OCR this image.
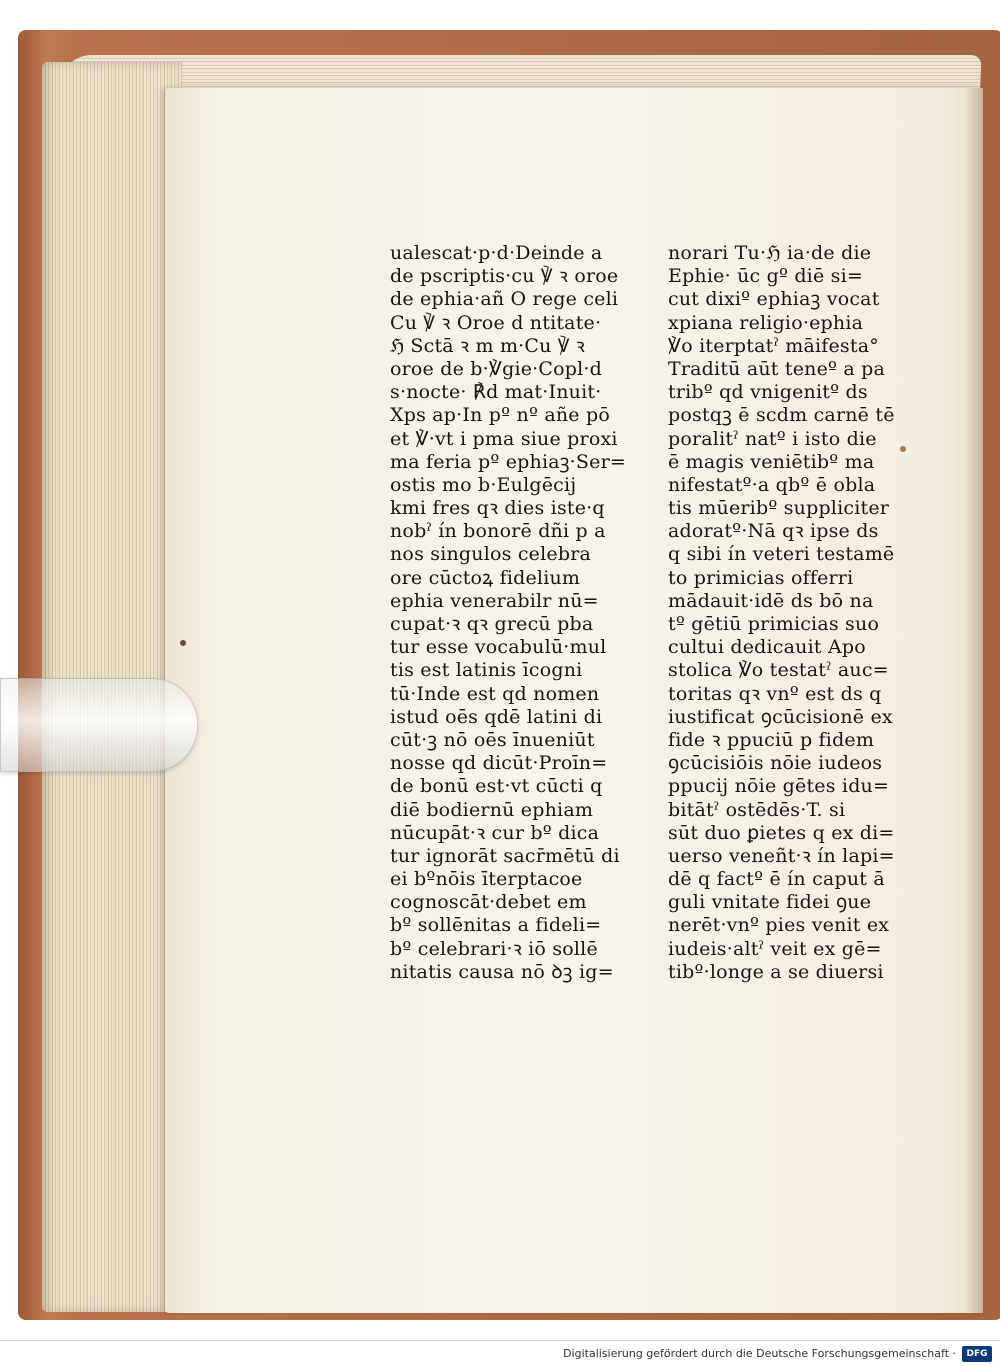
ualescat·p·d·Deinde a
de pscriptis·cu ℣ ꝛ oroe
de ephia·añ O rege celi
Cu ℣ ꝛ Oroe d ntitate·
ℌ Sctā ꝛ m m·Cu ℣ ꝛ
oroe de b·℣gie·Copl·d
s·nocte· ℟d mat·Inuit·
Xps ap·In pº nº añe pō
et ℣·vt i pma siue proxi
ma feria pº ephiaꝫ·Ser=
ostis mo b·Eulgēcij
kmi fres qꝛ dies iste·q
nobˀ ín bonorē dñi p a
nos singulos celebra
ore cūctoꝝ fidelium
ephia venerabilr nū=
cupat·ꝛ qꝛ grecū pba
tur esse vocabulū·mul
tis est latinis īcogni
tū·Inde est qd nomen
istud oēs qdē latini di
cūt·ꝫ nō oēs īnueniūt
nosse qd dicūt·Proīn=
de bonū est·vt cūcti q
diē bodiernū ephiam
nūcupāt·ꝛ cur bº dica
tur ignorāt sacr̄mētū di
ei bºnōis īterptacoe
cognoscāt·debet em
bº sollēnitas a fideli=
bº celebrari·ꝛ iō sollē
nitatis causa nō ꝺꝫ ig=
norari Tu·ℌ ia·de die
Ephie· ūc gº diē si=
cut dixiº ephiaꝫ vocat
xpiana religio·ephia
℣o iterptatˀ māifesta°
Traditū aūt teneº a pa
tribº qd vnigenitº ds
postqꝫ ē scdm carnē tē
poralitˀ natº i isto die
ē magis veniētibº ma
nifestatº·a qbº ē obla
tis mūeribº suppliciter
adoratº·Nā qꝛ ipse ds
q sibi ín veteri testamē
to primicias offerri
mādauit·idē ds bō na
tº gētiū primicias suo
cultui dedicauit Apo
stolica ℣o testatˀ auc=
toritas qꝛ vnº est ds q
iustificat ꝯcūcisionē ex
fide ꝛ ppuciū p fidem
ꝯcūcisiōis nōie iudeos
ppucij nōie gētes idu=
bitātˀ ostēdēs·T. si
sūt duo ꝑietes q ex di=
uerso veneñt·ꝛ ín lapi=
dē q factº ē ín caput ā
guli vnitate fidei ꝯue
nerēt·vnº pies venit ex
iudeis·altˀ veit ex gē=
tibº·longe a se diuersi
Digitalisierung gefördert durch die Deutsche Forschungsgemeinschaft ·	DFG
